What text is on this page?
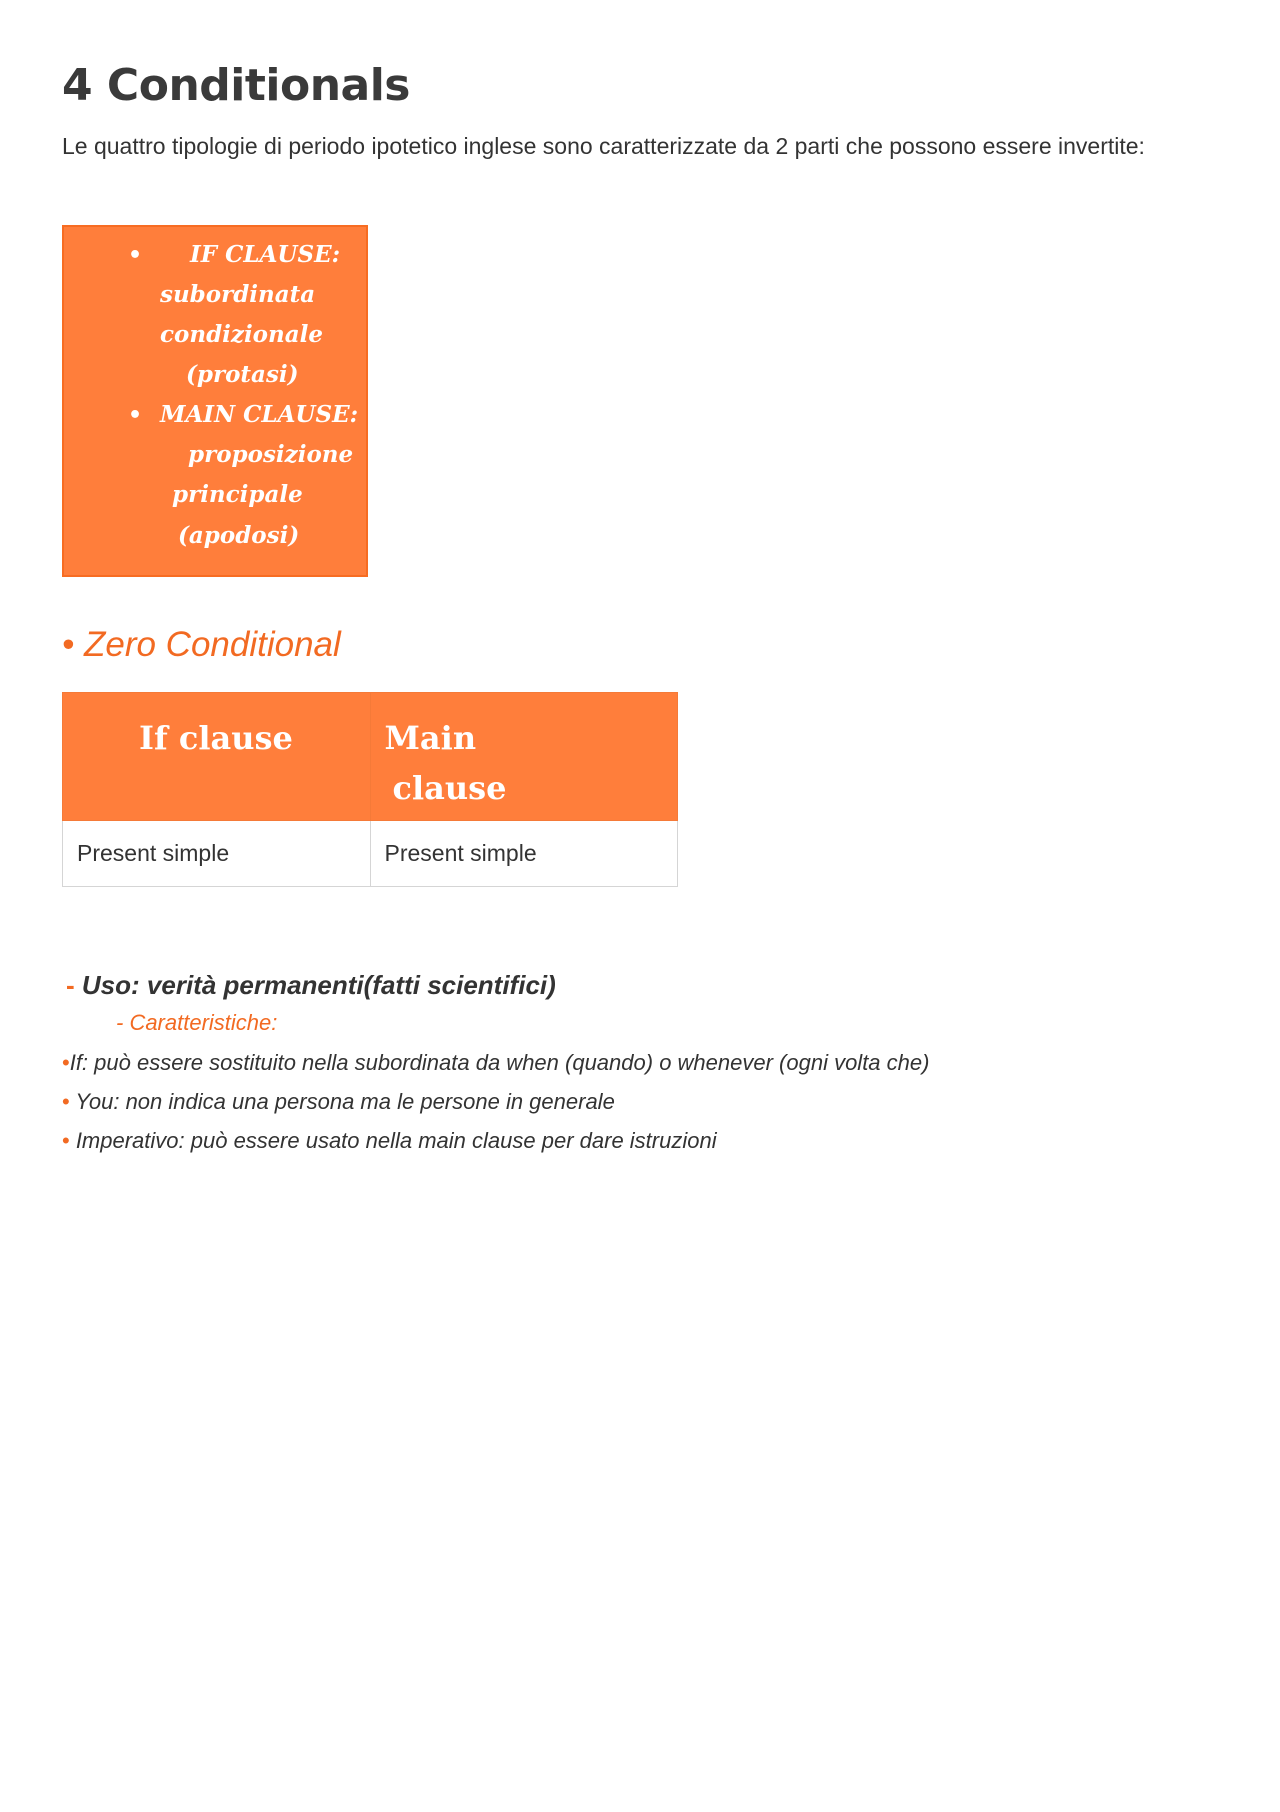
4 Conditionals

Le quattro tipologie di periodo ipotetico inglese sono caratterizzate da 2 parti che possono essere invertite:

• IF CLAUSE:
subordinata
condizionale
(protasi)
• MAIN CLAUSE:
proposizione
principale
(apodosi)
• Zero Conditional
If clause	Main
clause

Present simple	Present simple
- Uso: verità permanenti(fatti scientifici)
- Caratteristiche:
•If: può essere sostituito nella subordinata da when (quando) o whenever (ogni volta che)
• You: non indica una persona ma le persone in generale
• Imperativo: può essere usato nella main clause per dare istruzioni
